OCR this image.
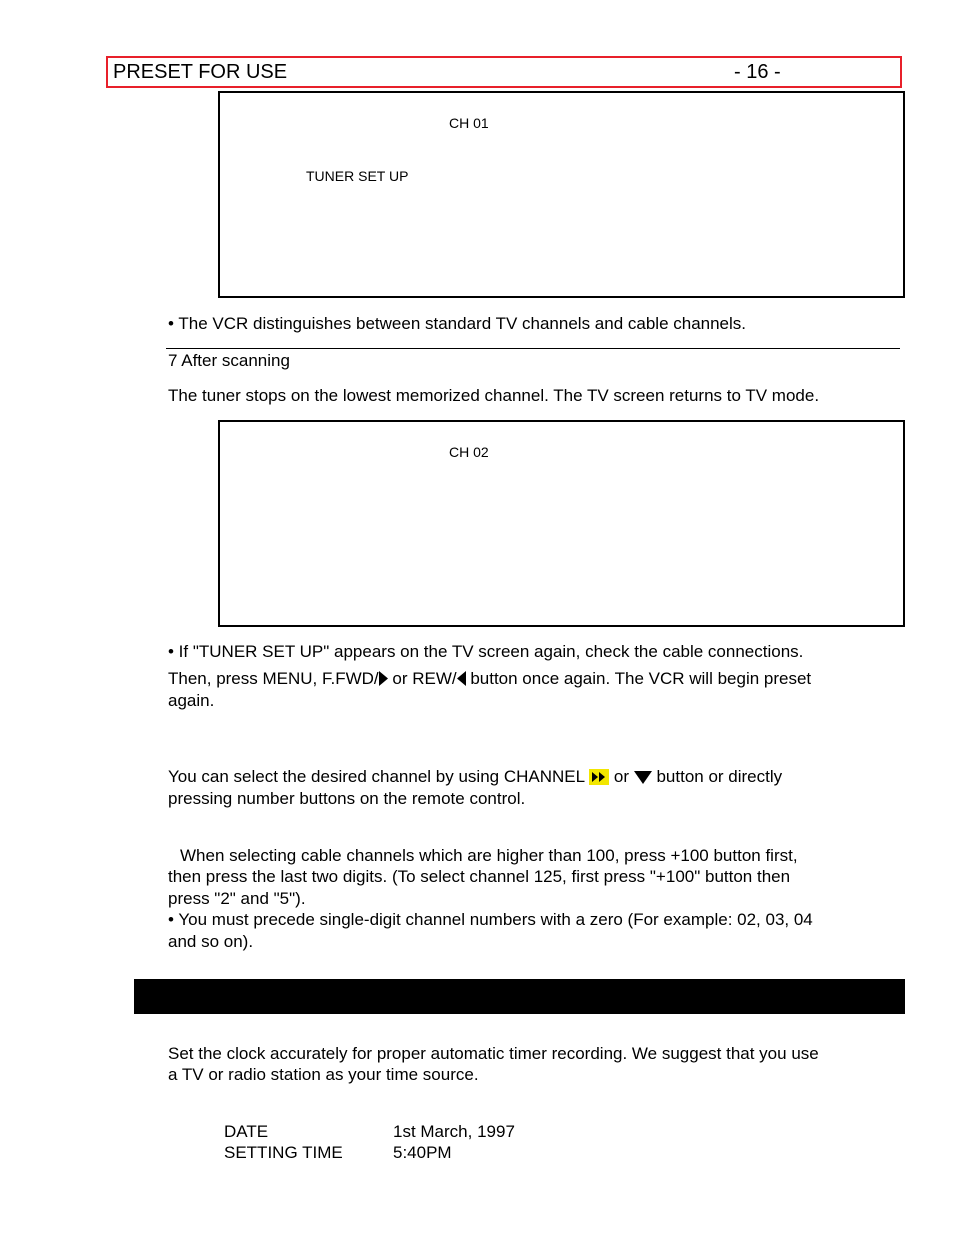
PRESET FOR USE	- 16 -
CH 01
TUNER SET UP
• The VCR distinguishes between standard TV channels and cable channels.
7 After scanning
The tuner stops on the lowest memorized channel. The TV screen returns to TV mode.
CH 02
• If "TUNER SET UP" appears on the TV screen again, check the cable connections.
Then, press MENU, F.FWD/ or REW/ button once again. The VCR will begin preset
again.
You can select the desired channel by using CHANNEL
or  button or directly
pressing number buttons on the remote control.
When selecting cable channels which are higher than 100, press +100 button first,
then press the last two digits. (To select channel 125, first press "+100" button then
press "2" and "5").
• You must precede single-digit channel numbers with a zero (For example: 02, 03, 04
and so on).
Set the clock accurately for proper automatic timer recording. We suggest that you use
a TV or radio station as your time source.
DATE	1st March, 1997
SETTING TIME	5:40PM
